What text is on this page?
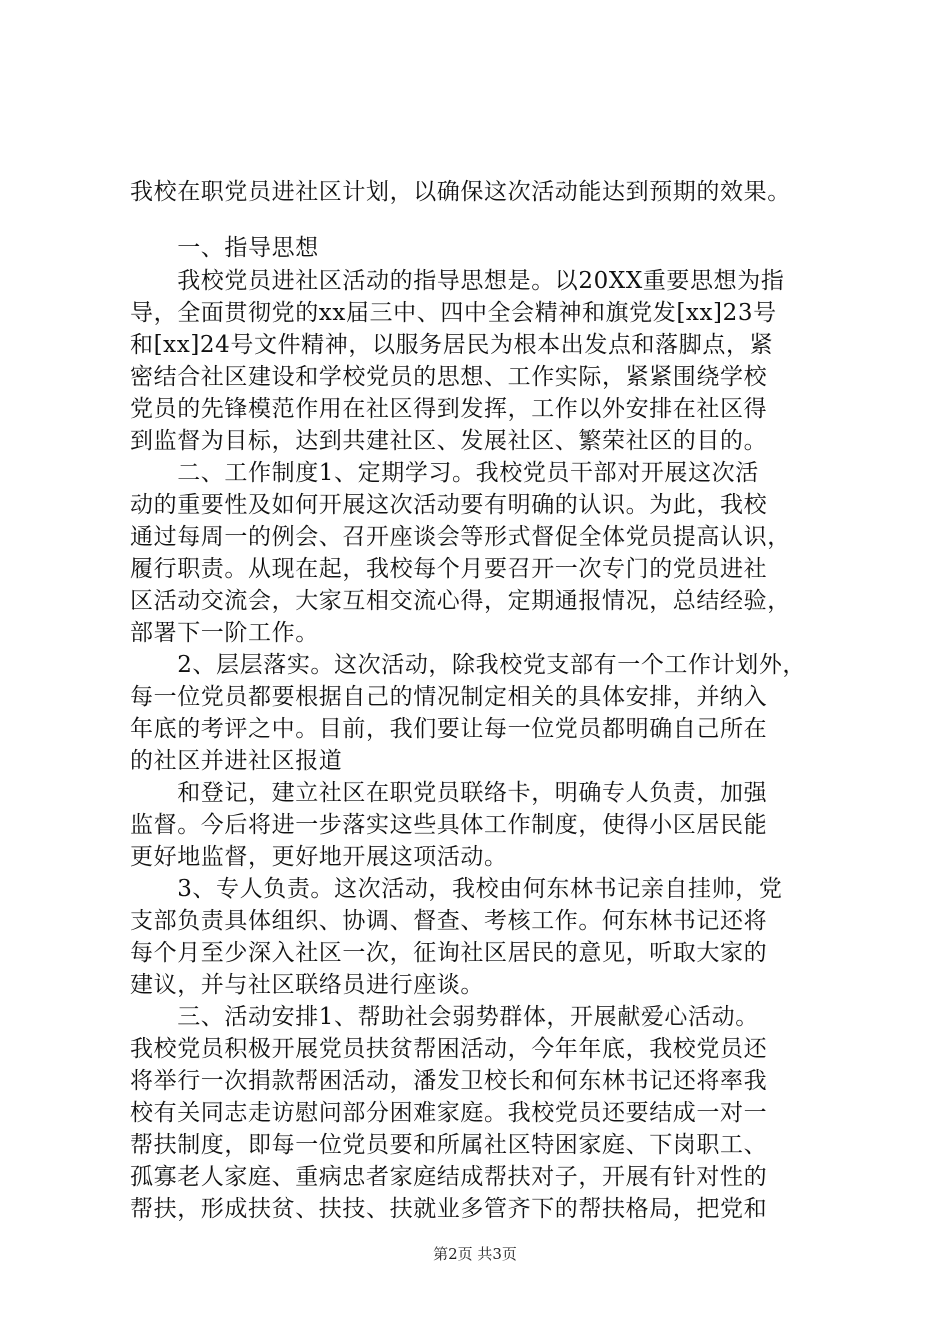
我校在职党员进社区计划，以确保这次活动能达到预期的效果。
　　一、指导思想
　　我校党员进社区活动的指导思想是。以20XX重要思想为指
导，全面贯彻党的xx届三中、四中全会精神和旗党发[xx]23号
和[xx]24号文件精神，以服务居民为根本出发点和落脚点，紧
密结合社区建设和学校党员的思想、工作实际，紧紧围绕学校
党员的先锋模范作用在社区得到发挥，工作以外安排在社区得
到监督为目标，达到共建社区、发展社区、繁荣社区的目的。
　　二、工作制度1、定期学习。我校党员干部对开展这次活
动的重要性及如何开展这次活动要有明确的认识。为此，我校
通过每周一的例会、召开座谈会等形式督促全体党员提高认识，
履行职责。从现在起，我校每个月要召开一次专门的党员进社
区活动交流会，大家互相交流心得，定期通报情况，总结经验，
部署下一阶工作。
　　2、层层落实。这次活动，除我校党支部有一个工作计划外，
每一位党员都要根据自己的情况制定相关的具体安排，并纳入
年底的考评之中。目前，我们要让每一位党员都明确自己所在
的社区并进社区报道
　　和登记，建立社区在职党员联络卡，明确专人负责，加强
监督。今后将进一步落实这些具体工作制度，使得小区居民能
更好地监督，更好地开展这项活动。
　　3、专人负责。这次活动，我校由何东林书记亲自挂帅，党
支部负责具体组织、协调、督查、考核工作。何东林书记还将
每个月至少深入社区一次，征询社区居民的意见，听取大家的
建议，并与社区联络员进行座谈。
　　三、活动安排1、帮助社会弱势群体，开展献爱心活动。
我校党员积极开展党员扶贫帮困活动，今年年底，我校党员还
将举行一次捐款帮困活动，潘发卫校长和何东林书记还将率我
校有关同志走访慰问部分困难家庭。我校党员还要结成一对一
帮扶制度，即每一位党员要和所属社区特困家庭、下岗职工、
孤寡老人家庭、重病忠者家庭结成帮扶对子，开展有针对性的
帮扶，形成扶贫、扶技、扶就业多管齐下的帮扶格局，把党和
第2页 共3页
